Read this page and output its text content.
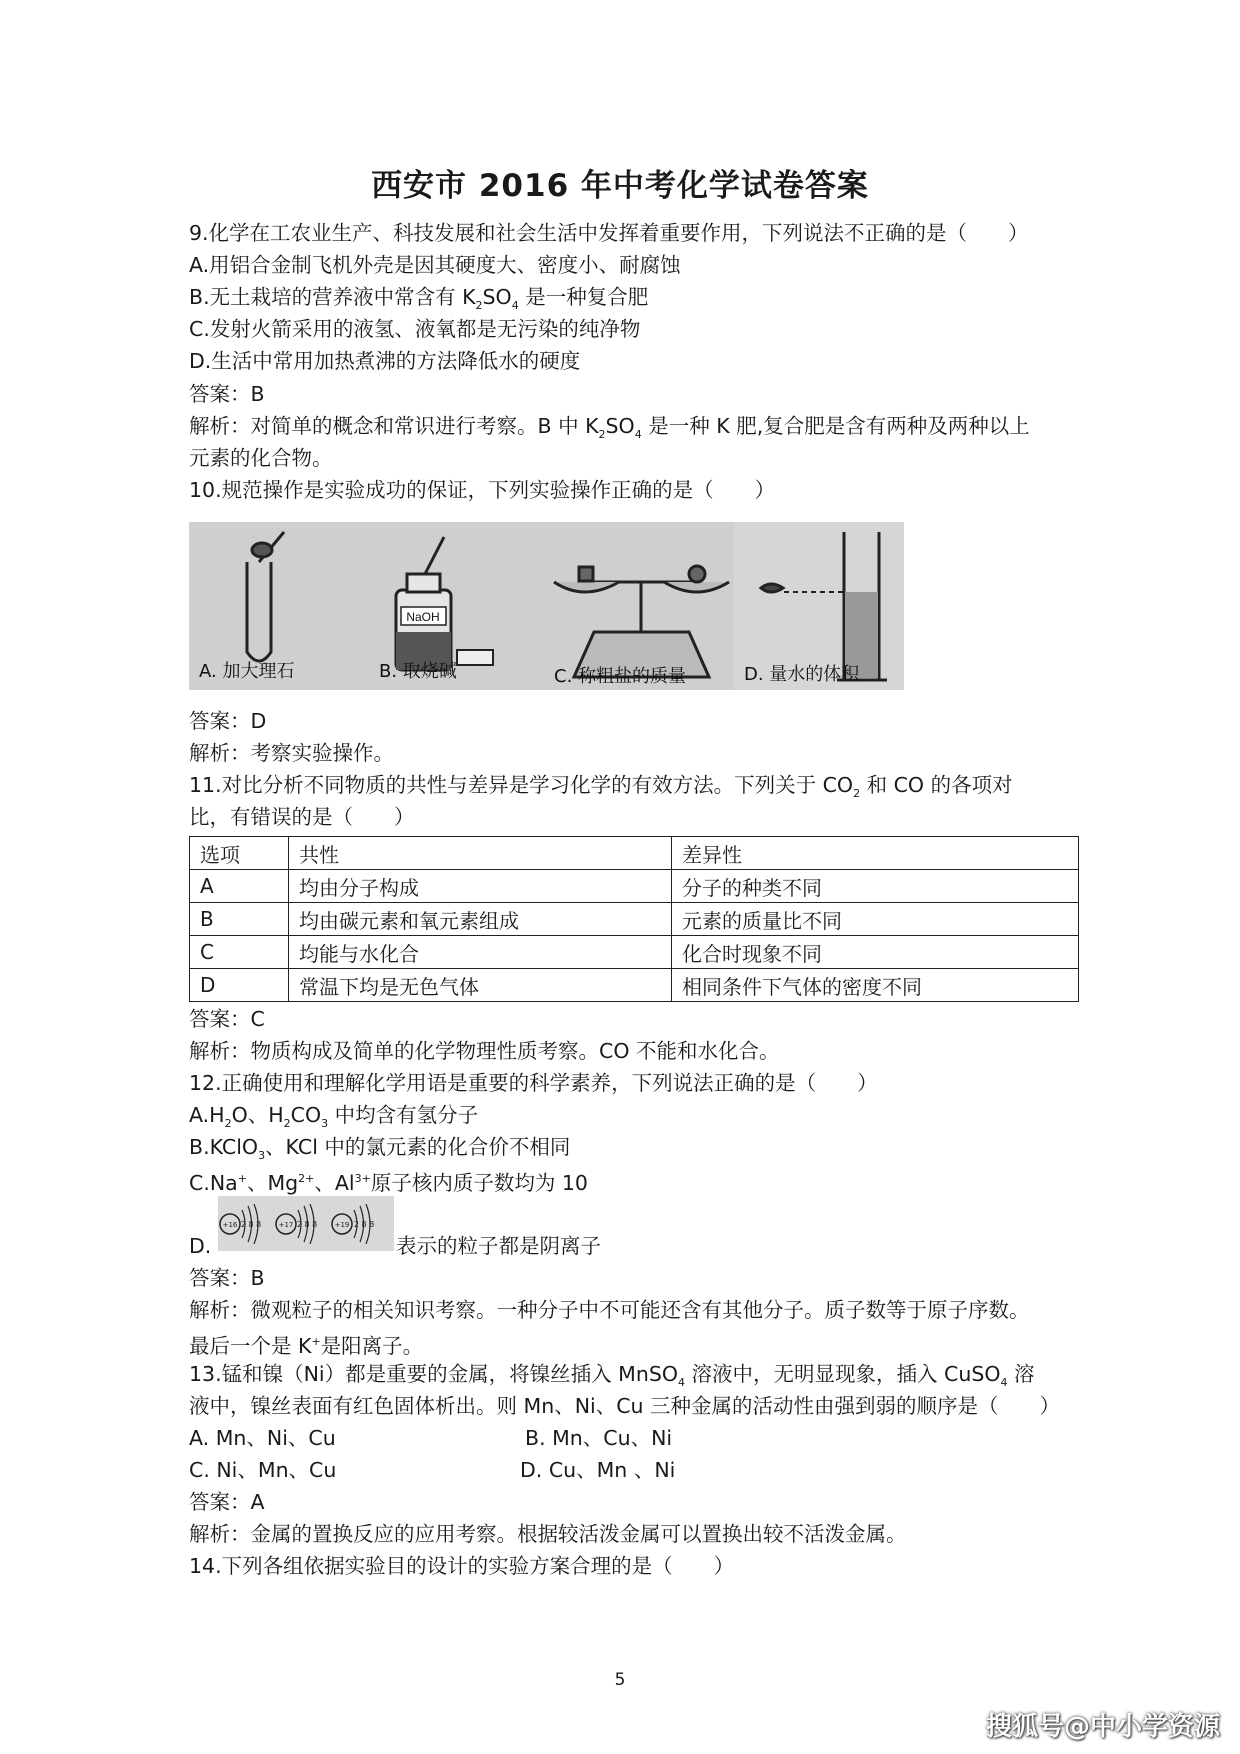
西安市 2016 年中考化学试卷答案
9.化学在工农业生产、科技发展和社会生活中发挥着重要作用，下列说法不正确的是（　　）
A.用铝合金制飞机外壳是因其硬度大、密度小、耐腐蚀
B.无土栽培的营养液中常含有 $K_2SO_4$ 是一种复合肥
C.发射火箭采用的液氢、液氧都是无污染的纯净物
D.生活中常用加热煮沸的方法降低水的硬度
答案：B
解析：对简单的概念和常识进行考察。B 中 $K_2SO_4$ 是一种 K 肥,复合肥是含有两种及两种以上
元素的化合物。
10.规范操作是实验成功的保证，下列实验操作正确的是（　　）
NaOH
A. 加大理石	B. 取烧碱	C. 称粗盐的质量	D. 量水的体积
答案：D
解析：考察实验操作。
11.对比分析不同物质的共性与差异是学习化学的有效方法。下列关于 $CO_2$ 和 CO 的各项对
比，有错误的是（　　）
选项	共性	差异性
A	均由分子构成	分子的种类不同
B	均由碳元素和氧元素组成	元素的质量比不同
C	均能与水化合	化合时现象不同
D	常温下均是无色气体	相同条件下气体的密度不同
答案：C
解析：物质构成及简单的化学物理性质考察。CO 不能和水化合。
12.正确使用和理解化学用语是重要的科学素养，下列说法正确的是（　　）
$A.H_2O$、$H_2CO_3$ 中均含有氢分子
B.KClO$_3$、KCl 中的氯元素的化合价不相同
C.Na+、$Mg^{2+}$、$Al^{3+}$原子核内质子数均为 10
+16 2 8 8 +17 2 8 8 +19 2 8 8
D.	表示的粒子都是阴离子
答案：B
解析：微观粒子的相关知识考察。一种分子中不可能还含有其他分子。质子数等于原子序数。
最后一个是 K+是阳离子。
13.锰和镍（Ni）都是重要的金属，将镍丝插入 MnSO$_4$ 溶液中，无明显现象，插入 CuSO$_4$ 溶
液中，镍丝表面有红色固体析出。则 Mn、Ni、Cu 三种金属的活动性由强到弱的顺序是（　　）
A. Mn、Ni、Cu	B. Mn、Cu、Ni
C. Ni、Mn、Cu	D. Cu、Mn 、Ni
答案：A
解析：金属的置换反应的应用考察。根据较活泼金属可以置换出较不活泼金属。
14.下列各组依据实验目的设计的实验方案合理的是（　　）
5
搜狐号@中小学资源
